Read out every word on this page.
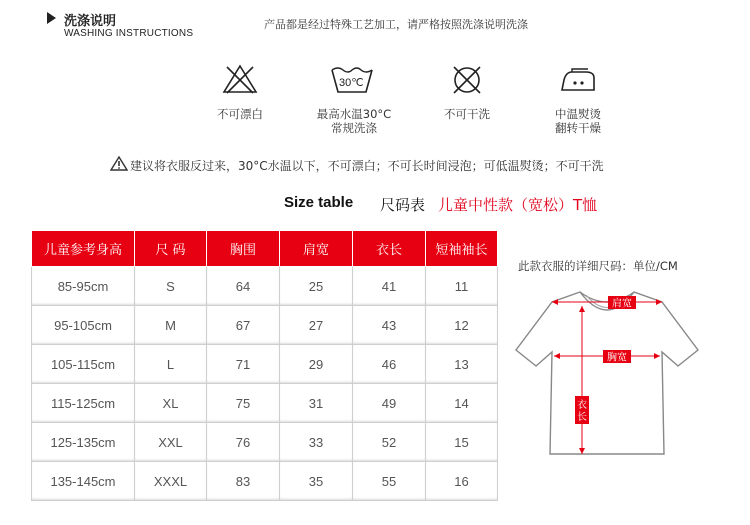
洗涤说明
WASHING INSTRUCTIONS
产品都是经过特殊工艺加工，请严格按照洗涤说明洗涤
不可漂白
30℃
最高水温30°C
常规洗涤
不可干洗	中温熨烫
翻转干燥
建议将衣服反过来，30°C水温以下，不可漂白；不可长时间浸泡；可低温熨烫；不可干洗
Size table 尺码表 儿童中性款（宽松）T恤
儿童参考身高	尺 码	胸围	肩宽	衣长	短袖袖长
85-95cm	S	64	25	41	11
95-105cm	M	67	27	43	12
105-115cm	L	71	29	46	13
115-125cm	XL	75	31	49	14
125-135cm	XXL	76	33	52	15
135-145cm	XXXL	83	35	55	16
此款衣服的详细尺码：单位/CM
肩宽
胸宽
衣
长
